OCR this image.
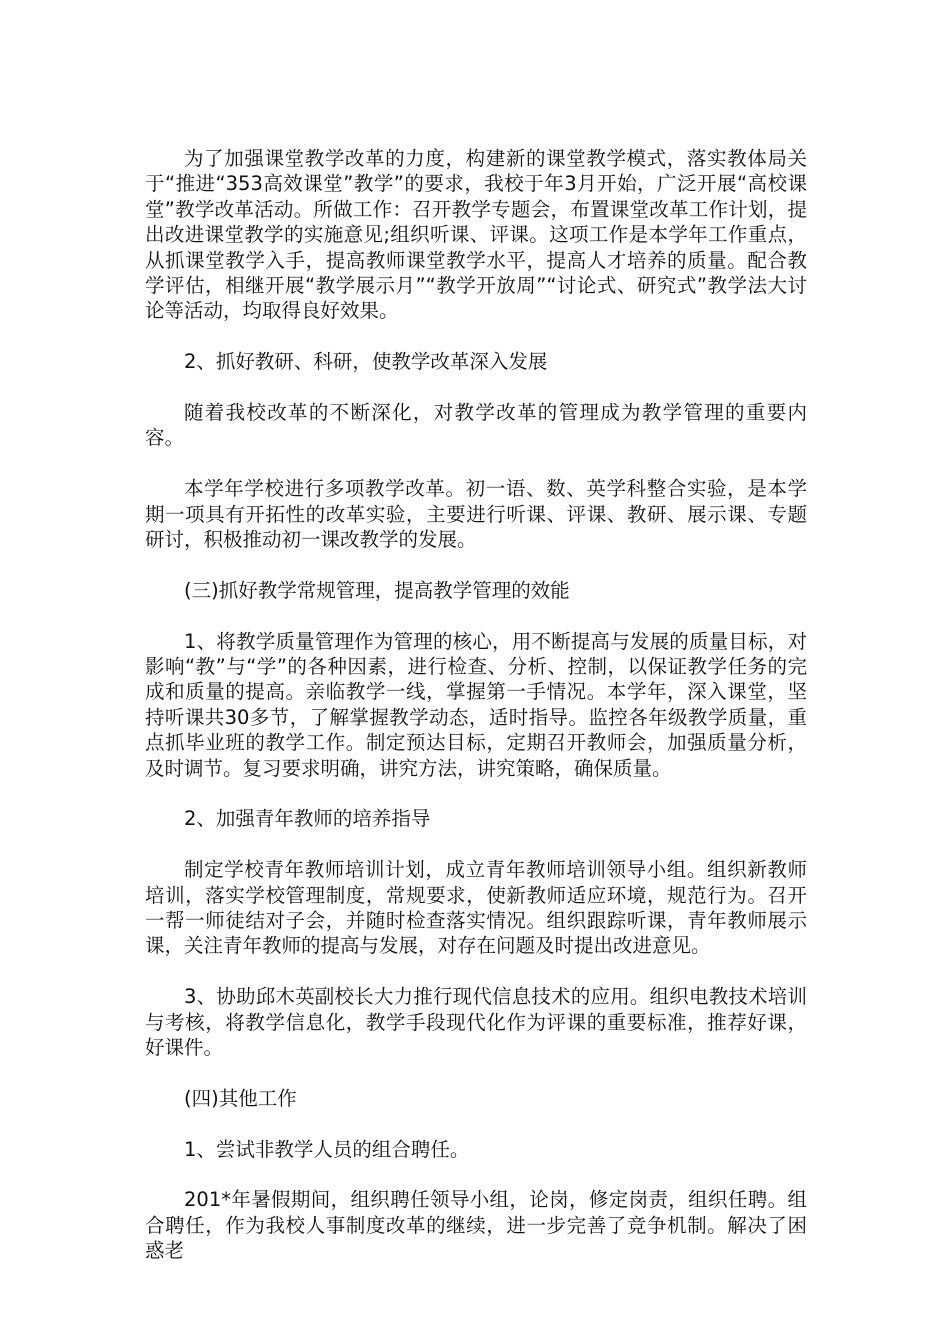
为了加强课堂教学改革的力度，构建新的课堂教学模式，落实教体局关于“推进“353高效课堂”教学”的要求，我校于年3月开始，广泛开展“高校课堂”教学改革活动。所做工作：召开教学专题会，布置课堂改革工作计划，提出改进课堂教学的实施意见;组织听课、评课。这项工作是本学年工作重点，从抓课堂教学入手，提高教师课堂教学水平，提高人才培养的质量。配合教学评估，相继开展“教学展示月”“教学开放周”“讨论式、研究式”教学法大讨论等活动，均取得良好效果。

2、抓好教研、科研，使教学改革深入发展

随着我校改革的不断深化，对教学改革的管理成为教学管理的重要内容。

本学年学校进行多项教学改革。初一语、数、英学科整合实验，是本学期一项具有开拓性的改革实验，主要进行听课、评课、教研、展示课、专题研讨，积极推动初一课改教学的发展。

(三)抓好教学常规管理，提高教学管理的效能

1、将教学质量管理作为管理的核心，用不断提高与发展的质量目标，对影响“教”与“学”的各种因素，进行检查、分析、控制，以保证教学任务的完成和质量的提高。亲临教学一线，掌握第一手情况。本学年，深入课堂，坚持听课共30多节，了解掌握教学动态，适时指导。监控各年级教学质量，重点抓毕业班的教学工作。制定预达目标，定期召开教师会，加强质量分析，及时调节。复习要求明确，讲究方法，讲究策略，确保质量。

2、加强青年教师的培养指导

制定学校青年教师培训计划，成立青年教师培训领导小组。组织新教师培训，落实学校管理制度，常规要求，使新教师适应环境，规范行为。召开一帮一师徒结对子会，并随时检查落实情况。组织跟踪听课，青年教师展示课，关注青年教师的提高与发展，对存在问题及时提出改进意见。

3、协助邱木英副校长大力推行现代信息技术的应用。组织电教技术培训与考核，将教学信息化，教学手段现代化作为评课的重要标准，推荐好课，好课件。

(四)其他工作

1、尝试非教学人员的组合聘任。

201*年暑假期间，组织聘任领导小组，论岗，修定岗责，组织任聘。组合聘任，作为我校人事制度改革的继续，进一步完善了竞争机制。解决了困惑老
